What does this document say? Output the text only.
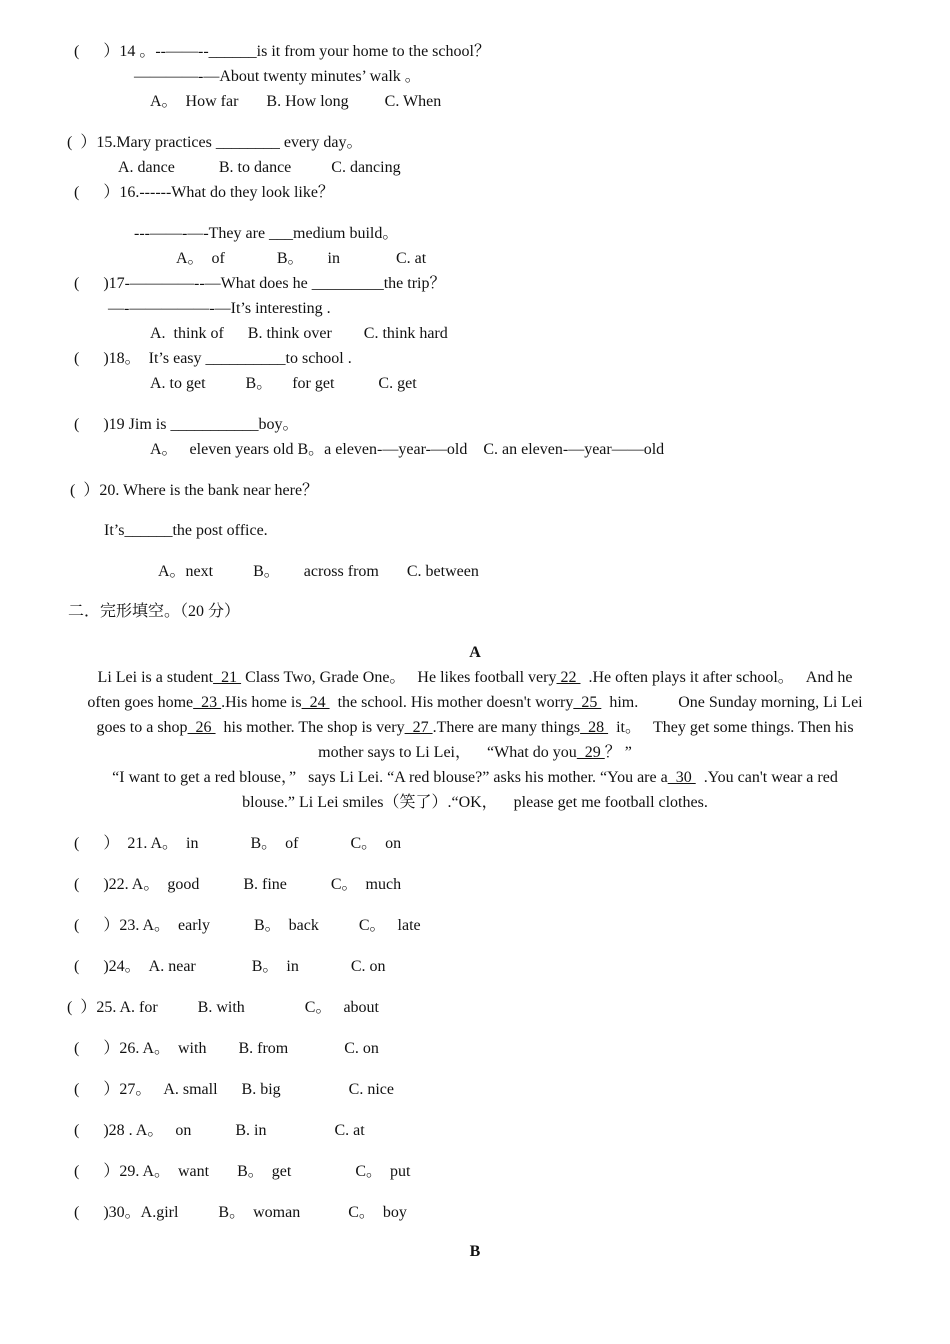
(      ）14 。--——--______is it from your home to the school？
————-—About twenty minutes’ walk 。
A。  How far       B. How long         C. When
(  ）15.Mary practices ________ every day。
A. dance           B. to dance          C. dancing
(      ）16.------What do they look like？
---——-—-They are ___medium build。
A。  of             B。      in              C. at
(      )17-————--—What does he _________the trip？
—-—————-—It’s interesting .
A.  think of      B. think over        C. think hard
(      )18。  It’s easy __________to school .
A. to get          B。     for get           C. get
(      )19 Jim is ___________boy。
A。   eleven years old B。a eleven-—year-—old    C. an eleven-—year——old
(  ）20. Where is the bank near here？
It’s______the post office.
A。next          B。      across from       C. between
二．完形填空。（20 分）
A
Li Lei is a student  21  Class Two, Grade One。   He likes football very 22   .He often plays it after school。   And he
often goes home  23 .His home is  24   the school. His mother doesn't worry  25   him.          One Sunday morning, Li Lei
goes to a shop  26   his mother. The shop is very  27 .There are many things  28   it。   They get some things. Then his
mother says to Li Lei，    “What do you  29 ？ ”
“I want to get a red blouse，”   says Li Lei. “A red blouse?” asks his mother. “You are a  30   .You can't wear a red
blouse.” Li Lei smiles（笑了）.“OK，    please get me football clothes.
(      ）  21. A。  in             B。  of             C。  on
(      )22. A。  good           B. fine           C。  much
(      ）23. A。  early           B。  back          C。   late
(      )24。  A. near              B。  in             C. on
(  ）25. A. for          B. with               C。   about
(      ）26. A。  with        B. from              C. on
(      ）27。   A. small      B. big                 C. nice
(      )28 . A。   on           B. in                 C. at
(      ）29. A。  want       B。  get                C。  put
(      )30。A.girl          B。  woman            C。  boy
B
